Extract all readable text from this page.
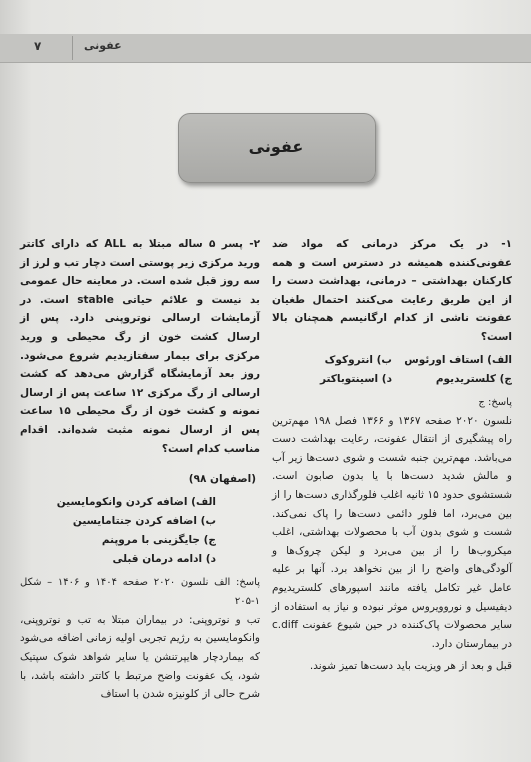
۷	عفونی
عفونی

۱- در یک مرکز درمانی که مواد ضد عفونی‌کننده همیشه در دسترس است و همه کارکنان بهداشتی – درمانی، بهداشت دست را از این طریق رعایت می‌کنند احتمال طغیان عفونت ناشی از کدام ارگانیسم همچنان بالا است؟

الف) استاف اورئوس
ب) انتروکوک
ج) کلستریدیوم
د) اسینتوباکتر

پاسخ: ج

نلسون ۲۰۲۰ صفحه ۱۳۶۷ و ۱۳۶۶ فصل ۱۹۸ مهم‌ترین راه پیشگیری از انتقال عفونت، رعایت بهداشت دست می‌باشد. مهم‌ترین جنبه شست و شوی دست‌ها زیر آب و مالش شدید دست‌ها با یا بدون صابون است. شستشوی حدود ۱۵ ثانیه اغلب فلورگذاری دست‌ها را از بین می‌برد، اما فلور دائمی دست‌ها را پاک نمی‌کند. شست و شوی بدون آب با محصولات بهداشتی، اغلب میکروب‌ها را از بین می‌برد و لیکن چروک‌ها و آلودگی‌های واضح را از بین نخواهد برد. آنها بر علیه عامل غیر تکامل یافته مانند اسپورهای کلستریدیوم دیفیسیل و نوروویروس موثر نبوده و نیاز به استفاده از سایر محصولات پاک‌کننده در حین شیوع عفونت c.diff در بیمارستان دارد.

قبل و بعد از هر ویزیت باید دست‌ها تمیز شوند.

۲- پسر ۵ ساله مبتلا به ALL که دارای کاتتر ورید مرکزی زیر پوستی است دچار تب و لرز از سه روز قبل شده است. در معاینه حال عمومی بد نیست و علائم حیاتی stable است. در آزمایشات ارسالی نوتروپنی دارد. پس از ارسال کشت خون از رگ محیطی و ورید مرکزی برای بیمار سفتازیدیم شروع می‌شود. روز بعد آزمایشگاه گزارش می‌دهد که کشت ارسالی از رگ مرکزی ۱۲ ساعت پس از ارسال نمونه و کشت خون از رگ محیطی ۱۵ ساعت پس از ارسال نمونه مثبت شده‌اند. اقدام مناسب کدام است؟

(اصفهان ۹۸)

الف) اضافه کردن وانکومایسین
ب) اضافه کردن جنتامایسین
ج) جایگزینی با مروپنم
د) ادامه درمان قبلی

پاسخ: الف نلسون ۲۰۲۰ صفحه ۱۴۰۴ و ۱۴۰۶ – شکل ۱-۲۰۵

تب و نوتروپنی: در بیماران مبتلا به تب و نوتروپنی، وانکومایسین به رژیم تجربی اولیه زمانی اضافه می‌شود که بیماردچار هایپرتنشن یا سایر شواهد شوک سپتیک شود، یک عفونت واضح مرتبط با کاتتر داشته باشد، با شرح حالی از کلونیزه شدن با استاف
